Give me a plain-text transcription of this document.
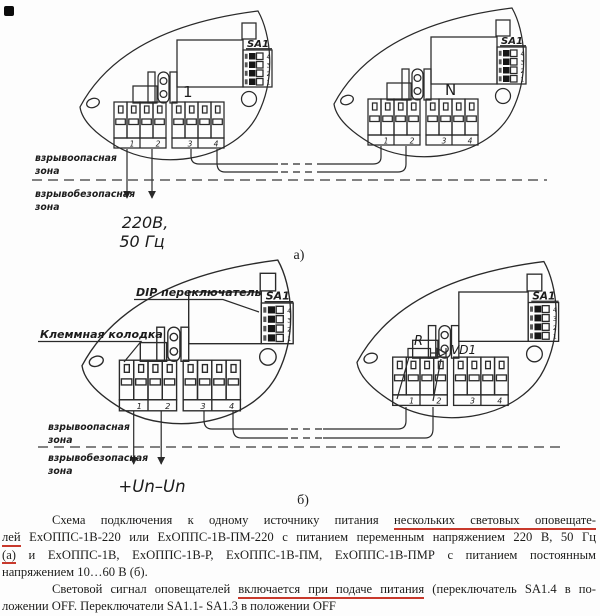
1	N
взрывоопасная
зона
взрывобезопасная
зона
220В,
50 Гц
а)
DIP переключатель
Клеммная колодка	R
VD1
взрывоопасная
зона
взрывобезопасная
зона
+Un–Un
б)
Схема подключения к одному источнику питания нескольких световых оповещате-
лей ЕхОППС-1В-220 или ЕхОППС-1В-ПМ-220 с питанием переменным напряжением 220 В, 50 Гц
(а) и ЕхОППС-1В, ЕхОППС-1В-Р, ЕхОППС-1В-ПМ, ЕхОППС-1В-ПМР с питанием постоянным
напряжением 10…60 В (б).
Световой сигнал оповещателей включается при подаче питания (переключатель SA1.4 в по-
ложении OFF. Переключатели SA1.1- SA1.3 в положении OFF
